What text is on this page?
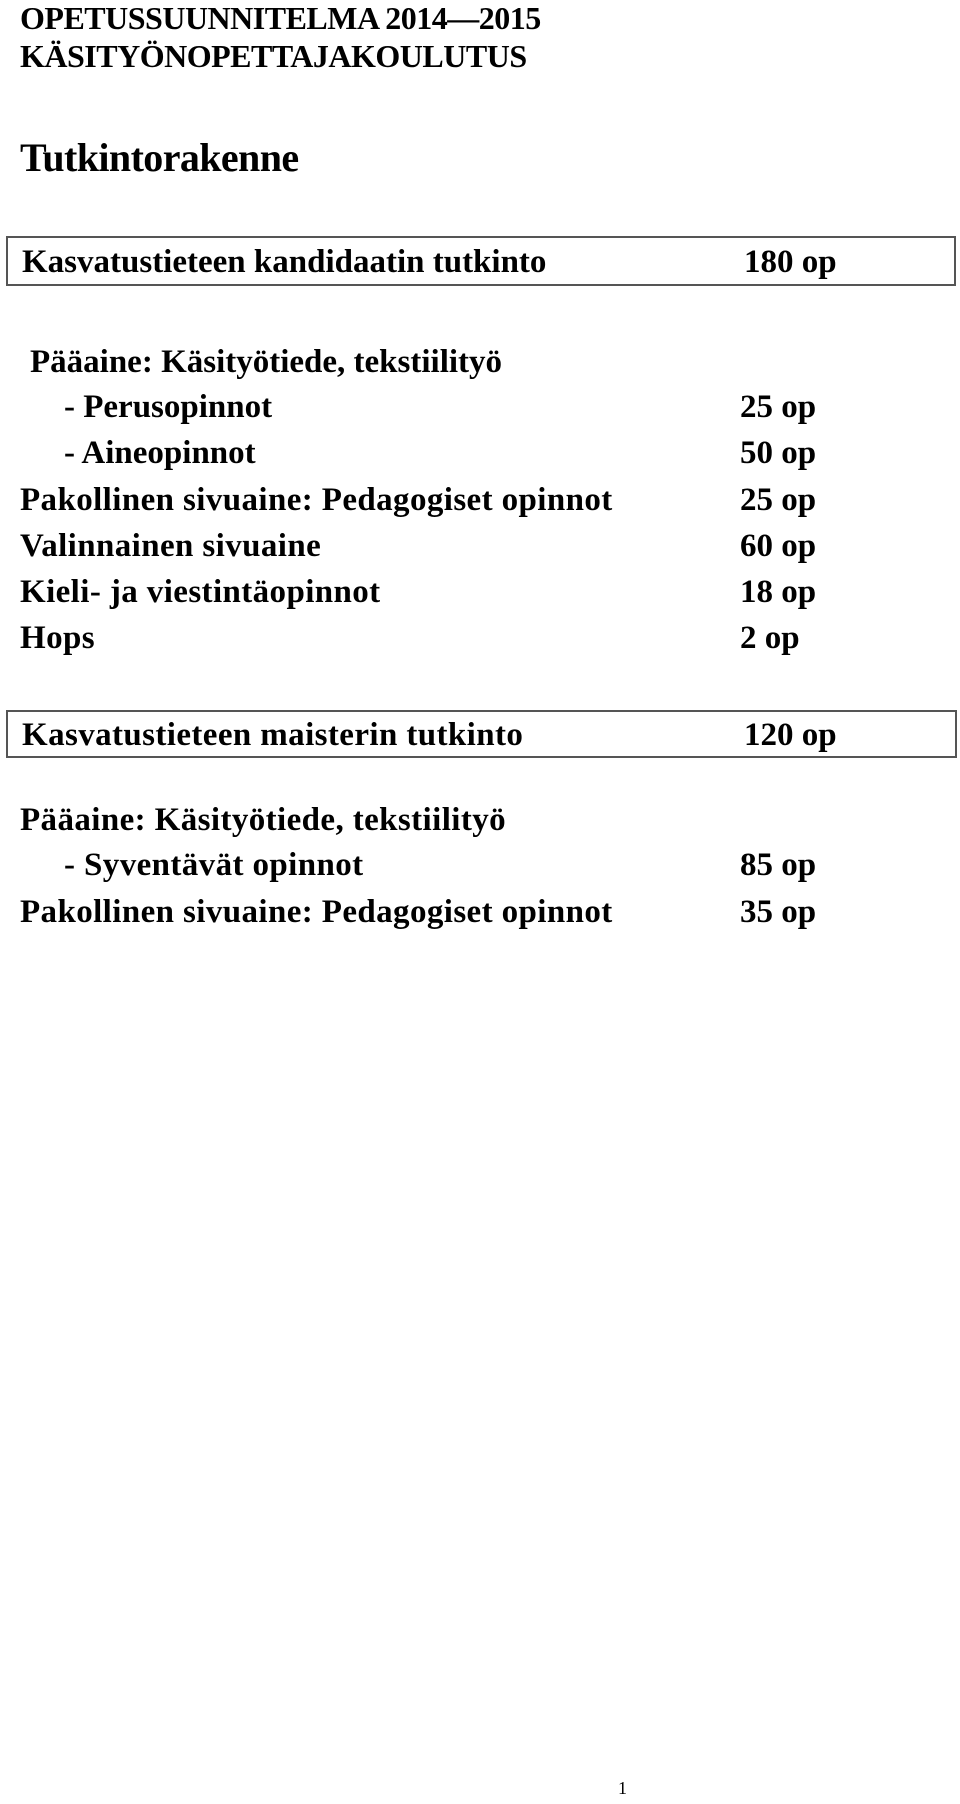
OPETUSSUUNNITELMA 2014—2015
KÄSITYÖNOPETTAJAKOULUTUS
Tutkintorakenne
Kasvatustieteen kandidaatin tutkinto	180 op
Pääaine: Käsityötiede, tekstiilityö
- Perusopinnot	25 op
- Aineopinnot	50 op
Pakollinen sivuaine: Pedagogiset opinnot	25 op
Valinnainen sivuaine	60 op
Kieli- ja viestintäopinnot	18 op
Hops	2 op
Kasvatustieteen maisterin tutkinto	120 op
Pääaine: Käsityötiede, tekstiilityö
- Syventävät opinnot	85 op
Pakollinen sivuaine: Pedagogiset opinnot	35 op
1
